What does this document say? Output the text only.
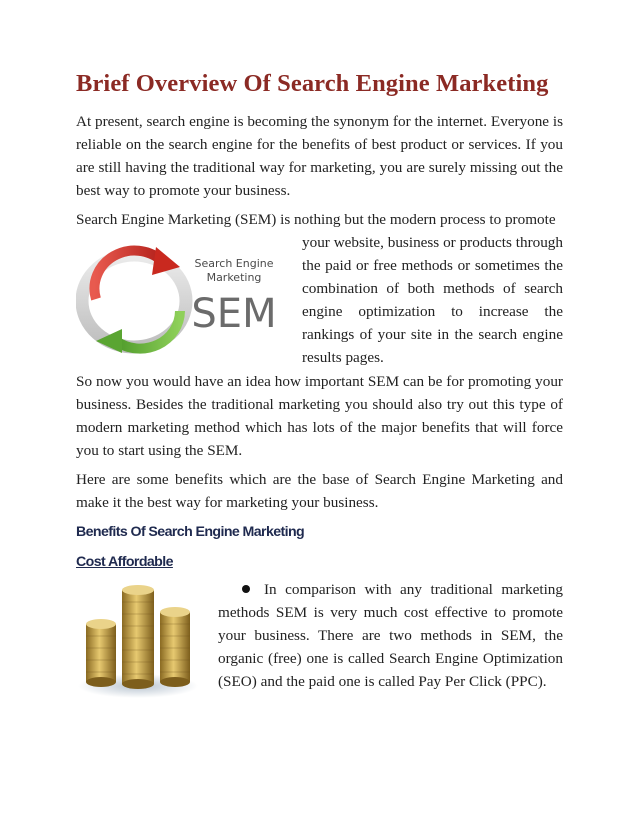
Brief Overview Of Search Engine Marketing

At present, search engine is becoming the synonym for the internet. Everyone is reliable on the search engine for the benefits of best product or services. If you are still having the traditional way for marketing, you are surely missing out the best way to promote your business.

Search Engine Marketing (SEM) is nothing but the modern process to promote

Search Engine
Marketing
SEM

your website, business or products through the paid or free methods or sometimes the combination of both methods of search engine optimization to increase the rankings of your site in the search engine results pages.

So now you would have an idea how important SEM can be for promoting your business. Besides the traditional marketing you should also try out this type of modern marketing method which has lots of the major benefits that will force you to start using the SEM.

Here are some benefits which are the base of Search Engine Marketing and make it the best way for marketing your business.

Benefits Of Search Engine Marketing
Cost Affordable

In comparison with any traditional marketing methods SEM is very much cost effective to promote your business. There are two methods in SEM, the organic (free) one is called Search Engine Optimization (SEO) and the paid one is called Pay Per Click (PPC).
